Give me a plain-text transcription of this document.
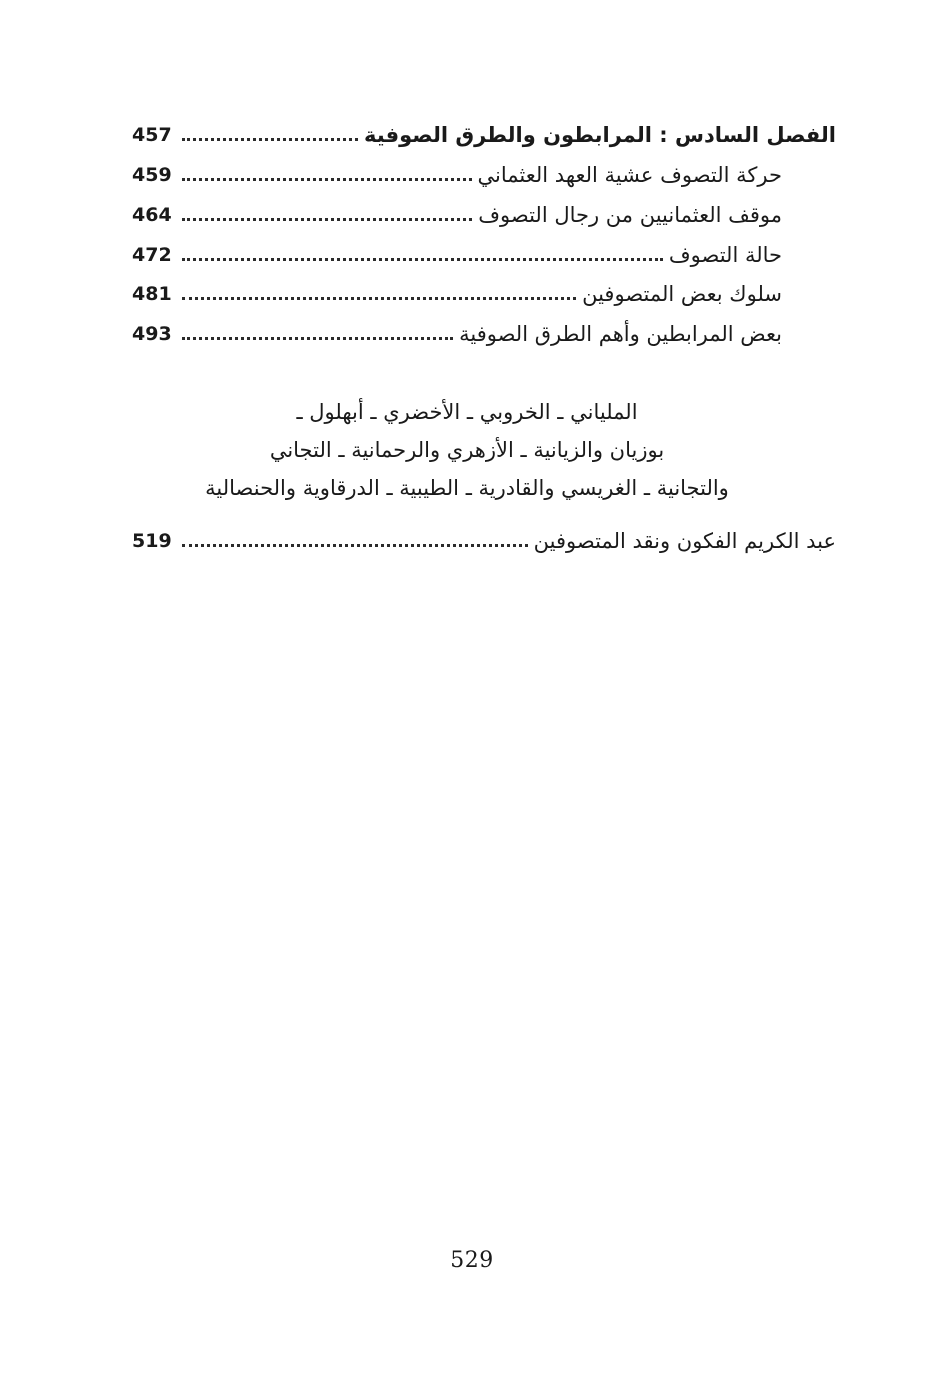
الفصل السادس : المرابطون والطرق الصوفية
457
حركة التصوف عشية العهد العثماني
459
موقف العثمانيين من رجال التصوف
464
حالة التصوف
472
سلوك بعض المتصوفين
481
بعض المرابطين وأهم الطرق الصوفية
493
الملياني ـ الخروبي ـ الأخضري ـ أبهلول ـ
بوزيان والزيانية ـ الأزهري والرحمانية ـ التجاني
والتجانية ـ الغريسي والقادرية ـ الطيبية ـ الدرقاوية والحنصالية
عبد الكريم الفكون ونقد المتصوفين
519
529
